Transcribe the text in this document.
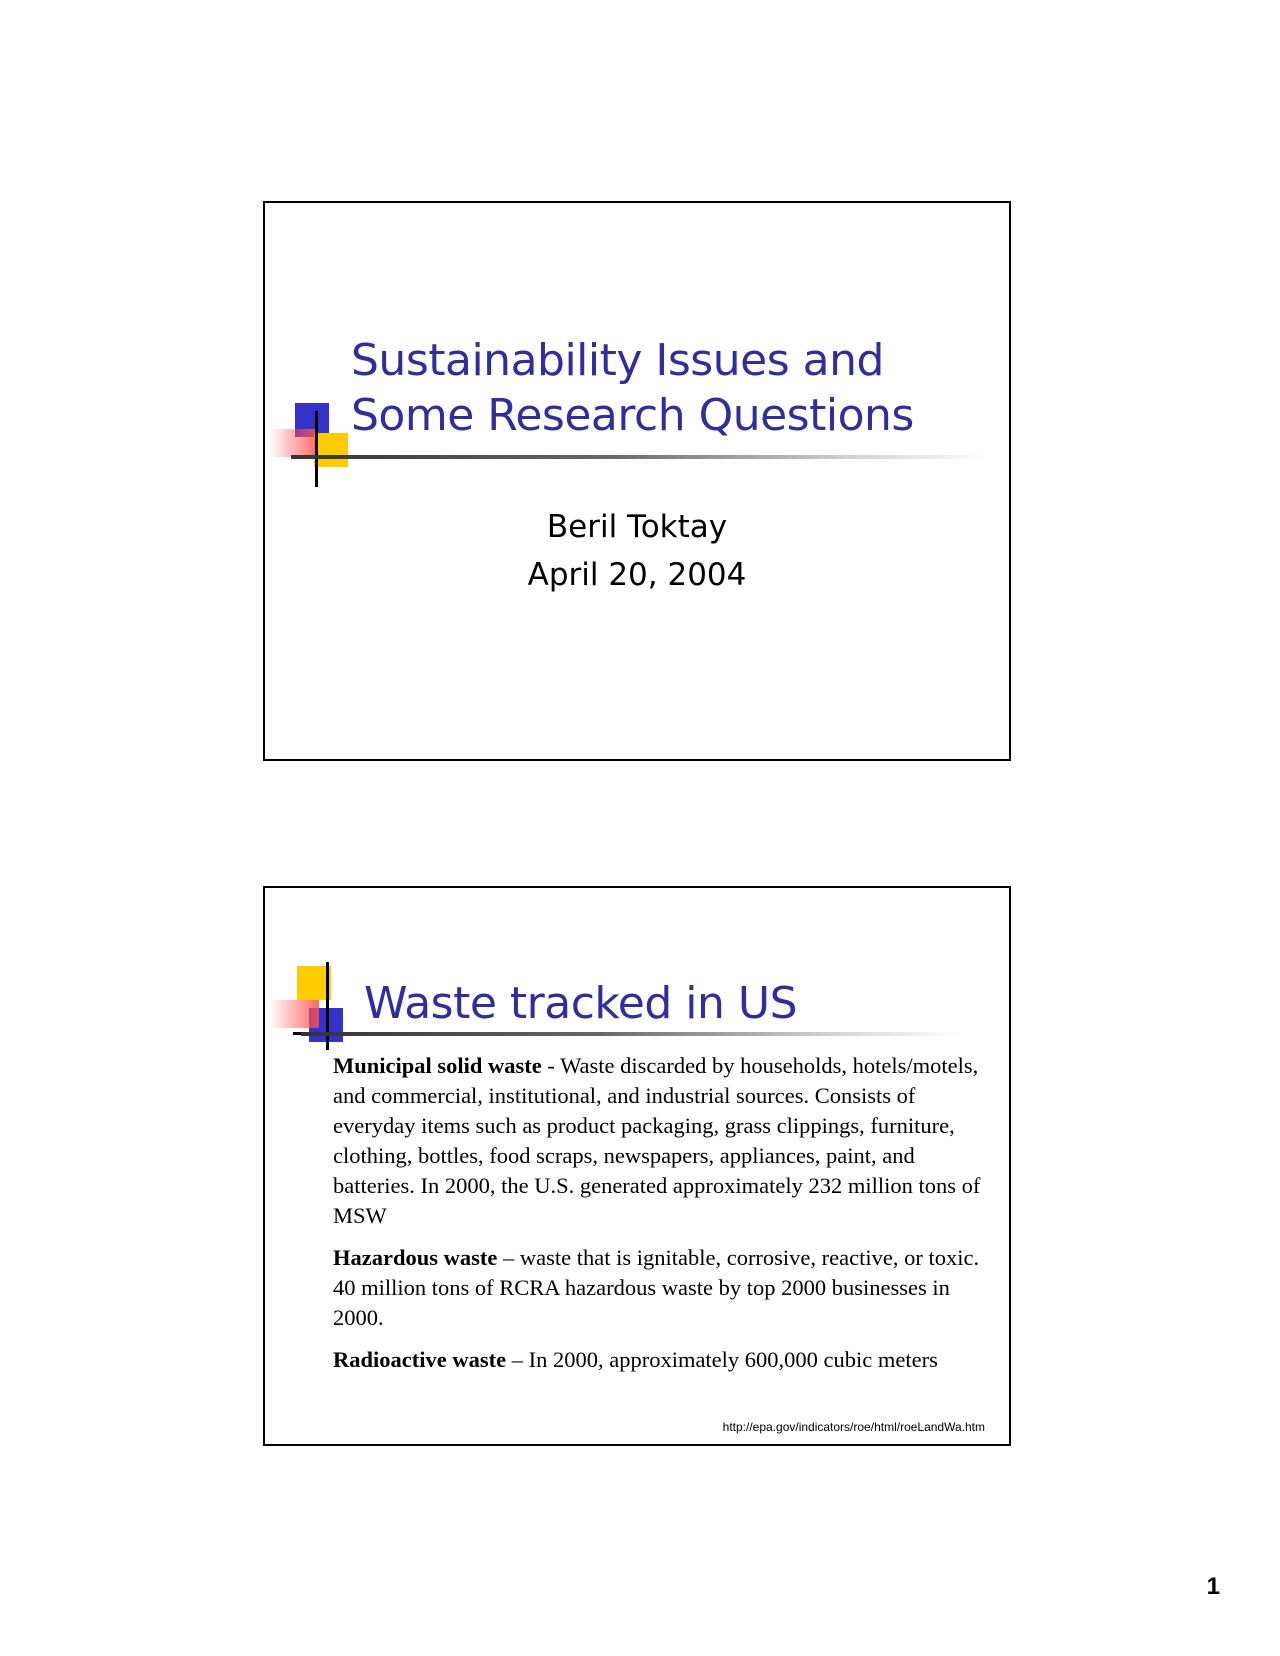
Sustainability Issues and
Some Research Questions
Beril Toktay
April 20, 2004
Waste tracked in US

Municipal solid waste - Waste discarded by households, hotels/motels, and commercial, institutional, and industrial sources. Consists of everyday items such as product packaging, grass clippings, furniture, clothing, bottles, food scraps, newspapers, appliances, paint, and batteries. In 2000, the U.S. generated approximately 232 million tons of MSW

Hazardous waste – waste that is ignitable, corrosive, reactive, or toxic. 40 million tons of RCRA hazardous waste by top 2000 businesses in 2000.

Radioactive waste – In 2000, approximately 600,000 cubic meters

http://epa.gov/indicators/roe/html/roeLandWa.htm
1
